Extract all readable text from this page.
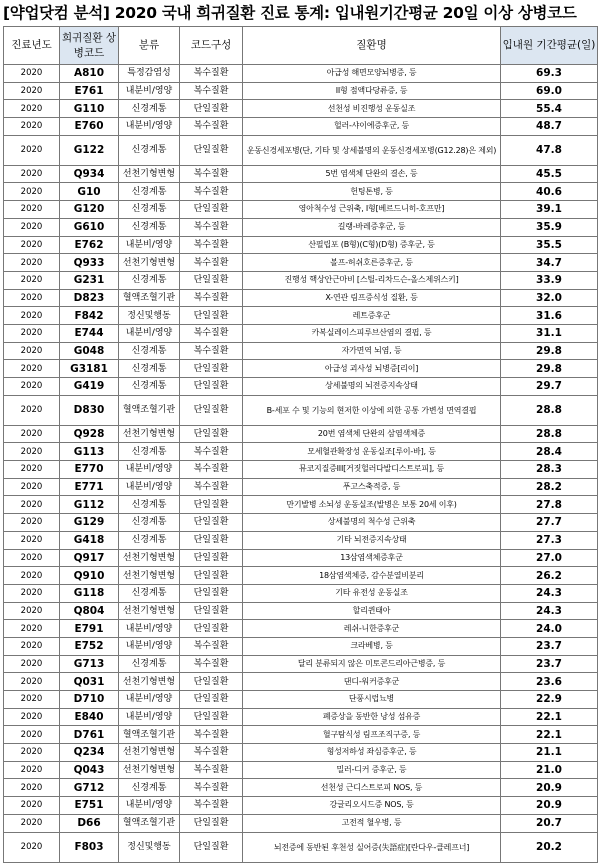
[약업닷컴 분석] 2020 국내 희귀질환 진료 통계: 입내원기간평균 20일 이상 상병코드
진료년도	희귀질환 상병코드	분류	코드구성	질환명	입내원 기간평균(일)
2020	A810	특정감염성	복수질환	아급성 해면모양뇌병증, 등	69.3
2020	E761	내분비/영양	복수질환	II형 점액다당류증, 등	69.0
2020	G110	신경계통	단일질환	선천성 비진행성 운동실조	55.4
2020	E760	내분비/영양	복수질환	헐러-샤이에증후군, 등	48.7
2020	G122	신경계통	단일질환	운동신경세포병(단, 기타 및 상세불명의 운동신경세포병(G12.28)은 제외)	47.8
2020	Q934	선천기형변형	복수질환	5번 염색체 단완의 결손, 등	45.5
2020	G10	신경계통	복수질환	헌팅톤병, 등	40.6
2020	G120	신경계통	단일질환	영아척수성 근위축, I형[베르드니히-호프만]	39.1
2020	G610	신경계통	복수질환	길랭-바레증후군, 등	35.9
2020	E762	내분비/영양	복수질환	산필립포 (B형)(C형)(D형) 증후군, 등	35.5
2020	Q933	선천기형변형	복수질환	볼프-허쉬호른증후군, 등	34.7
2020	G231	신경계통	단일질환	진행성 핵상안근마비 [스틸-리차드슨-올스제위스키]	33.9
2020	D823	혈액조혈기관	복수질환	X-연관 림프증식성 질환, 등	32.0
2020	F842	정신및행동	단일질환	레트증후군	31.6
2020	E744	내분비/영양	복수질환	카복실레이스피루브산염의 결핍, 등	31.1
2020	G048	신경계통	복수질환	자가면역 뇌염, 등	29.8
2020	G3181	신경계통	단일질환	아급성 괴사성 뇌병증[리이]	29.8
2020	G419	신경계통	단일질환	상세불명의 뇌전증지속상태	29.7
2020	D830	혈액조혈기관	단일질환	B-세포 수 및 기능의 현저한 이상에 의한 공통 가변성 면역결핍	28.8
2020	Q928	선천기형변형	단일질환	20번 염색체 단완의 삼염색체증	28.8
2020	G113	신경계통	복수질환	모세혈관확장성 운동실조[루이-바], 등	28.4
2020	E770	내분비/영양	복수질환	뮤코지질증III[거짓헐러다발디스트로피], 등	28.3
2020	E771	내분비/영양	복수질환	푸고스축적증, 등	28.2
2020	G112	신경계통	단일질환	만기발병 소뇌성 운동실조(발병은 보통 20세 이후)	27.8
2020	G129	신경계통	단일질환	상세불명의 척수성 근위축	27.7
2020	G418	신경계통	단일질환	기타 뇌전증지속상태	27.3
2020	Q917	선천기형변형	단일질환	13삼염색체증후군	27.0
2020	Q910	선천기형변형	단일질환	18삼염색체증, 감수분열비분리	26.2
2020	G118	신경계통	단일질환	기타 유전성 운동실조	24.3
2020	Q804	선천기형변형	단일질환	할리퀸태아	24.3
2020	E791	내분비/영양	단일질환	레쉬-니한증후군	24.0
2020	E752	내분비/영양	복수질환	크라베병, 등	23.7
2020	G713	신경계통	복수질환	달리 분류되지 않은 미토콘드리아근병증, 등	23.7
2020	Q031	선천기형변형	단일질환	댄디-워커증후군	23.6
2020	D710	내분비/영양	단일질환	단풍시럽뇨병	22.9
2020	E840	내분비/영양	단일질환	폐증상을 동반한 낭성 섬유증	22.1
2020	D761	혈액조혈기관	복수질환	혈구탐식성 림프조직구증, 등	22.1
2020	Q234	선천기형변형	복수질환	형성저하성 좌심증후군, 등	21.1
2020	Q043	선천기형변형	복수질환	밀러-디커 증후군, 등	21.0
2020	G712	신경계통	복수질환	선천성 근디스트로피 NOS, 등	20.9
2020	E751	내분비/영양	복수질환	강글리오시드증 NOS, 등	20.9
2020	D66	혈액조혈기관	단일질환	고전적 혈우병, 등	20.7
2020	F803	정신및행동	단일질환	뇌전증에 동반된 후천성 실어증(失語症)[란다우-클레프너]	20.2
